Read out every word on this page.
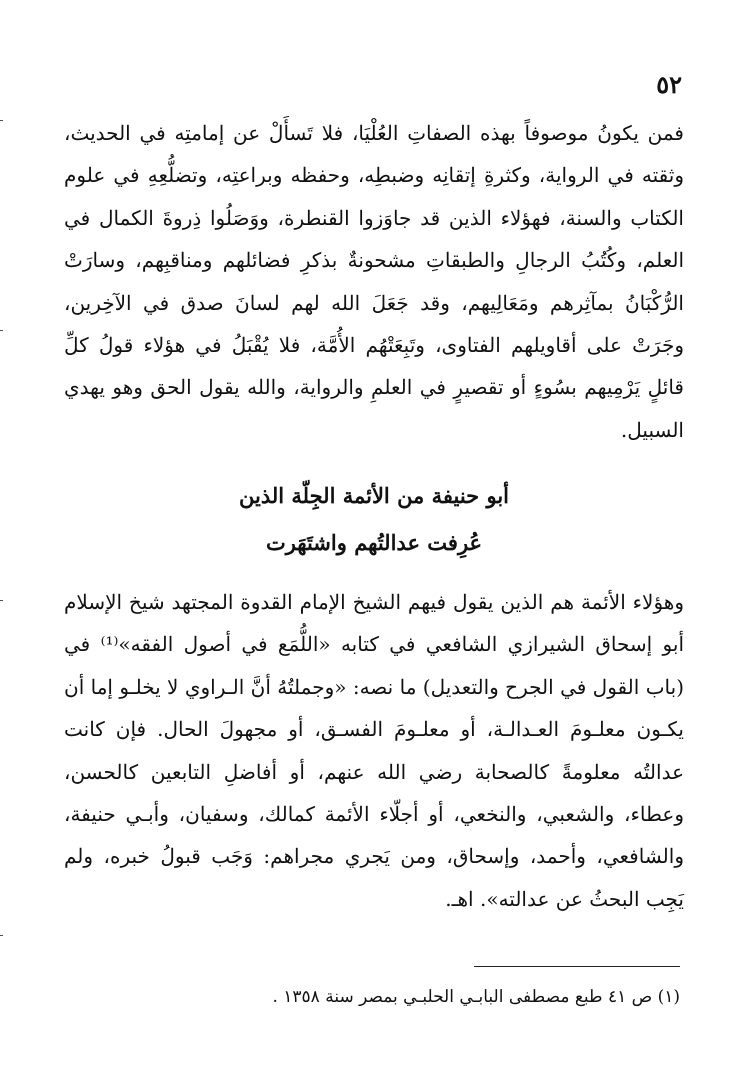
٥٢

فمن يكونُ موصوفاً بهذه الصفاتِ العُلْيَا، فلا تَسأَلْ عن إمامتِه في الحديث، وثقته في الرواية، وكثرةِ إتقانِه وضبطِه، وحفظه وبراعتِه، وتضلُّعِهِ في علوم الكتاب والسنة، فهؤلاء الذين قد جاوَزوا القنطرة، ووَصَلُوا ذِروةَ الكمال في العلم، وكُتُبُ الرجالِ والطبقاتِ مشحونةٌ بذكرِ فضائلهم ومناقبِهم، وسارَتْ الرُّكْبَانُ بمآثِرهم ومَعَالِيهم، وقد جَعَلَ الله لهم لسانَ صدق في الآخِرين، وجَرَتْ على أقاويلهم الفتاوى، وتَبِعَتْهُم الأُمَّة، فلا يُقْبَلُ في هؤلاء قولُ كلِّ قائلٍ يَرْمِيهم بسُوءٍ أو تقصيرٍ في العلمِ والرواية، والله يقول الحق وهو يهدي السبيل.

أبو حنيفة من الأئمة الجِلّة الذين
عُرِفت عدالتُهم واشتَهَرت

وهؤلاء الأئمة هم الذين يقول فيهم الشيخ الإمام القدوة المجتهد شيخ الإسلام أبو إسحاق الشيرازي الشافعي في كتابه «اللُّمَع في أصول الفقه»⁽¹⁾ في (باب القول في الجرح والتعديل) ما نصه: «وجملتُهُ أنَّ الـراوي لا يخلـو إما أن يكـون معلـومَ العـدالـة، أو معلـومَ الفسـق، أو مجهولَ الحال. فإن كانت عدالتُه معلومةً كالصحابة رضي الله عنهم، أو أفاضلِ التابعين كالحسن، وعطاء، والشعبي، والنخعي، أو أجلّاء الأئمة كمالك، وسفيان، وأبـي حنيفة، والشافعي، وأحمد، وإسحاق، ومن يَجري مجراهم: وَجَب قبولُ خبره، ولم يَجِب البحثُ عن عدالته». اهـ.

(١) ص ٤١ طبع مصطفى البابـي الحلبـي بمصر سنة ١٣٥٨ .
